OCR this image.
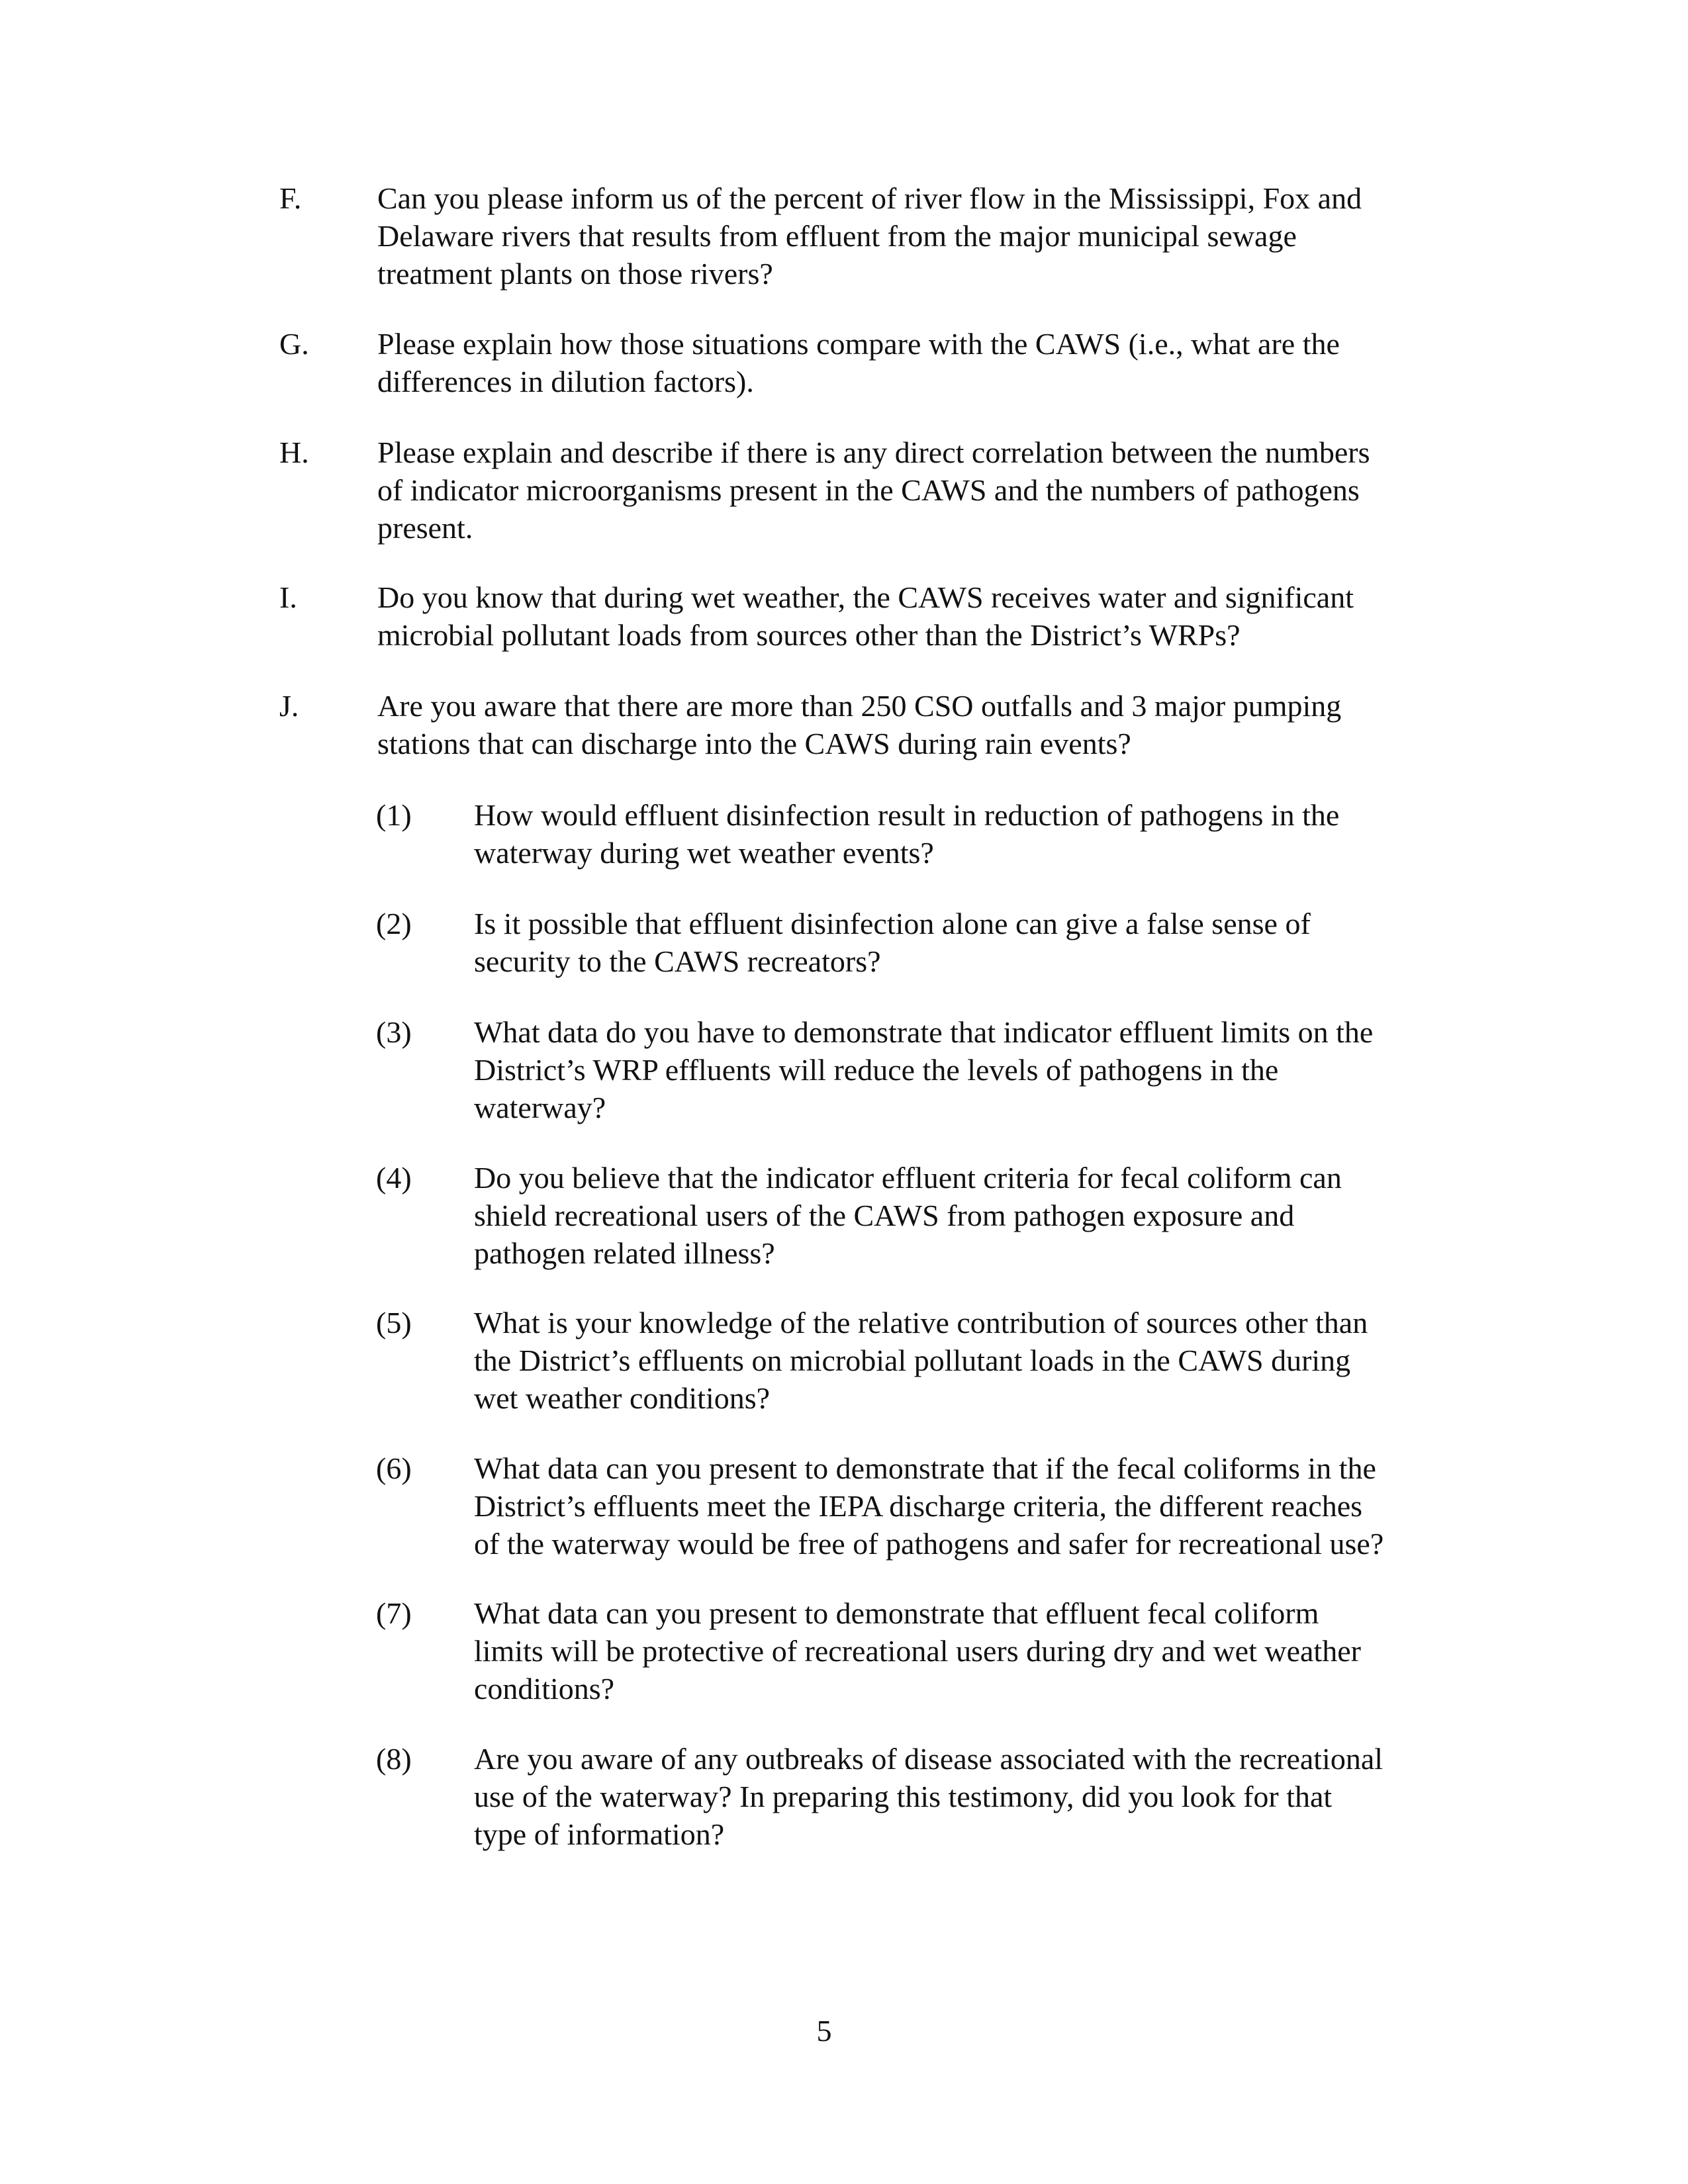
F.	Can you please inform us of the percent of river flow in the Mississippi, Fox and
Delaware rivers that results from effluent from the major municipal sewage
treatment plants on those rivers?
G.	Please explain how those situations compare with the CAWS (i.e., what are the
differences in dilution factors).
H.	Please explain and describe if there is any direct correlation between the numbers
of indicator microorganisms present in the CAWS and the numbers of pathogens
present.
I.	Do you know that during wet weather, the CAWS receives water and significant
microbial pollutant loads from sources other than the District’s WRPs?
J.	Are you aware that there are more than 250 CSO outfalls and 3 major pumping
stations that can discharge into the CAWS during rain events?
(1)	How would effluent disinfection result in reduction of pathogens in the
waterway during wet weather events?
(2)	Is it possible that effluent disinfection alone can give a false sense of
security to the CAWS recreators?
(3)	What data do you have to demonstrate that indicator effluent limits on the
District’s WRP effluents will reduce the levels of pathogens in the
waterway?
(4)	Do you believe that the indicator effluent criteria for fecal coliform can
shield recreational users of the CAWS from pathogen exposure and
pathogen related illness?
(5)	What is your knowledge of the relative contribution of sources other than
the District’s effluents on microbial pollutant loads in the CAWS during
wet weather conditions?
(6)	What data can you present to demonstrate that if the fecal coliforms in the
District’s effluents meet the IEPA discharge criteria, the different reaches
of the waterway would be free of pathogens and safer for recreational use?
(7)	What data can you present to demonstrate that effluent fecal coliform
limits will be protective of recreational users during dry and wet weather
conditions?
(8)	Are you aware of any outbreaks of disease associated with the recreational
use of the waterway? In preparing this testimony, did you look for that
type of information?
5
